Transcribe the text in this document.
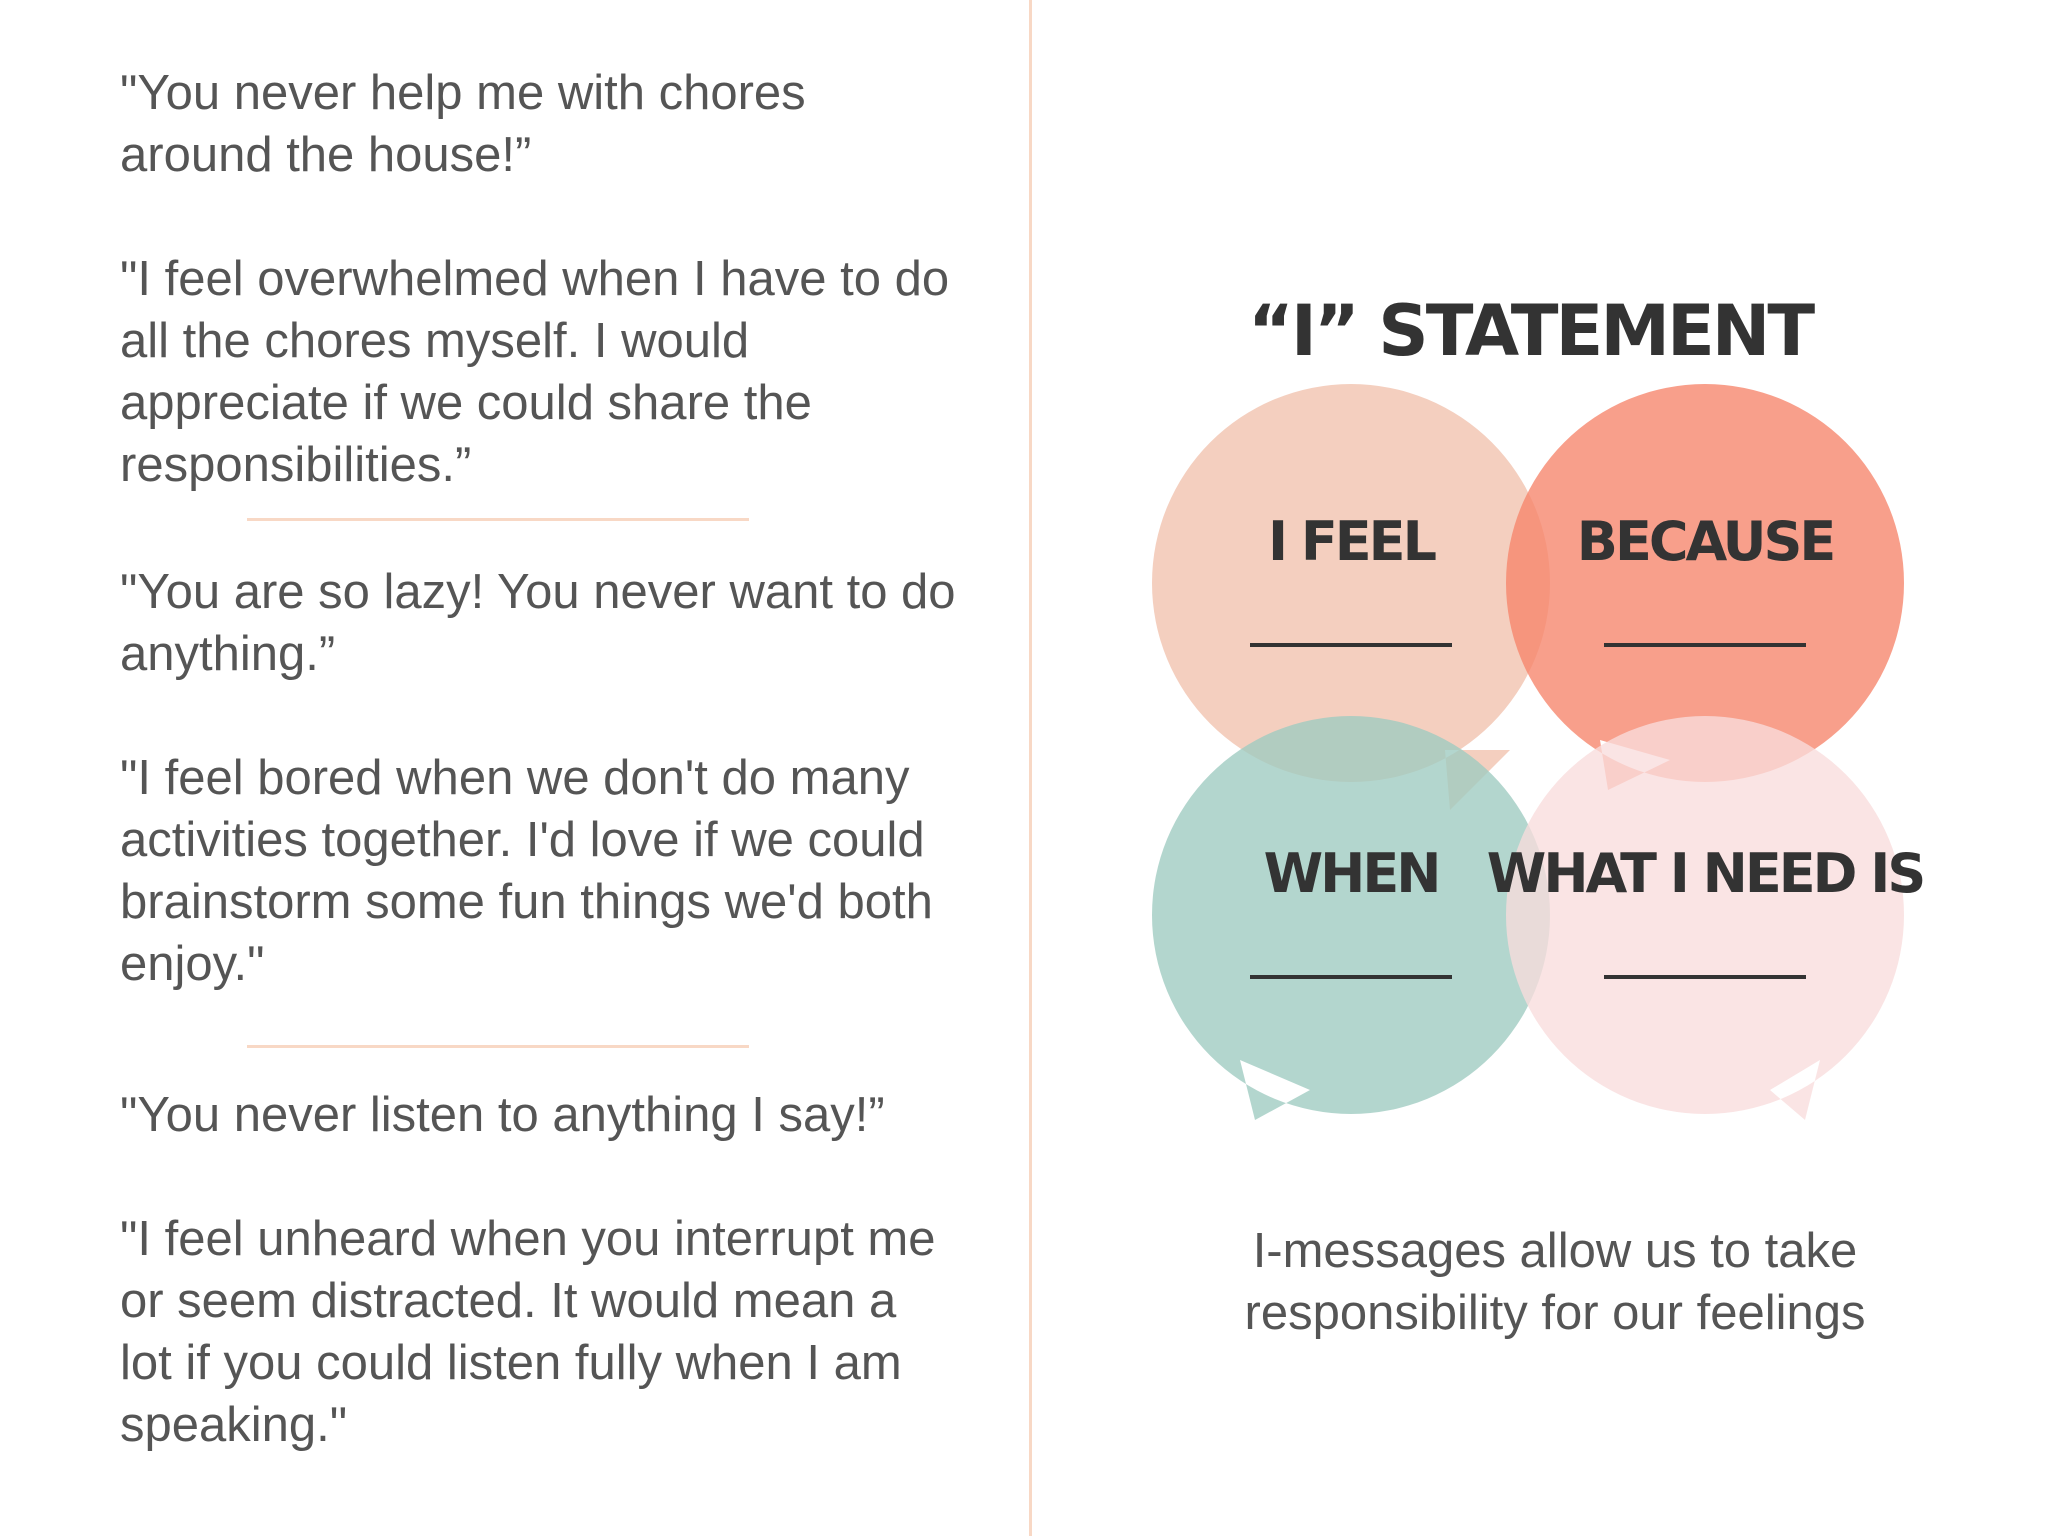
"You never help me with chores around the house!”

"I feel overwhelmed when I have to do all the chores myself. I would appreciate if we could share the responsibilities.”

"You are so lazy! You never want to do anything.”

"I feel bored when we don't do many activities together. I'd love if we could brainstorm some fun things we'd both enjoy."

"You never listen to anything I say!”

"I feel unheard when you interrupt me or seem distracted. It would mean a lot if you could listen fully when I am speaking."

“I” STATEMENT
I FEEL	BECAUSE
WHEN WHAT I NEED IS

I-messages allow us to take responsibility for our feelings
